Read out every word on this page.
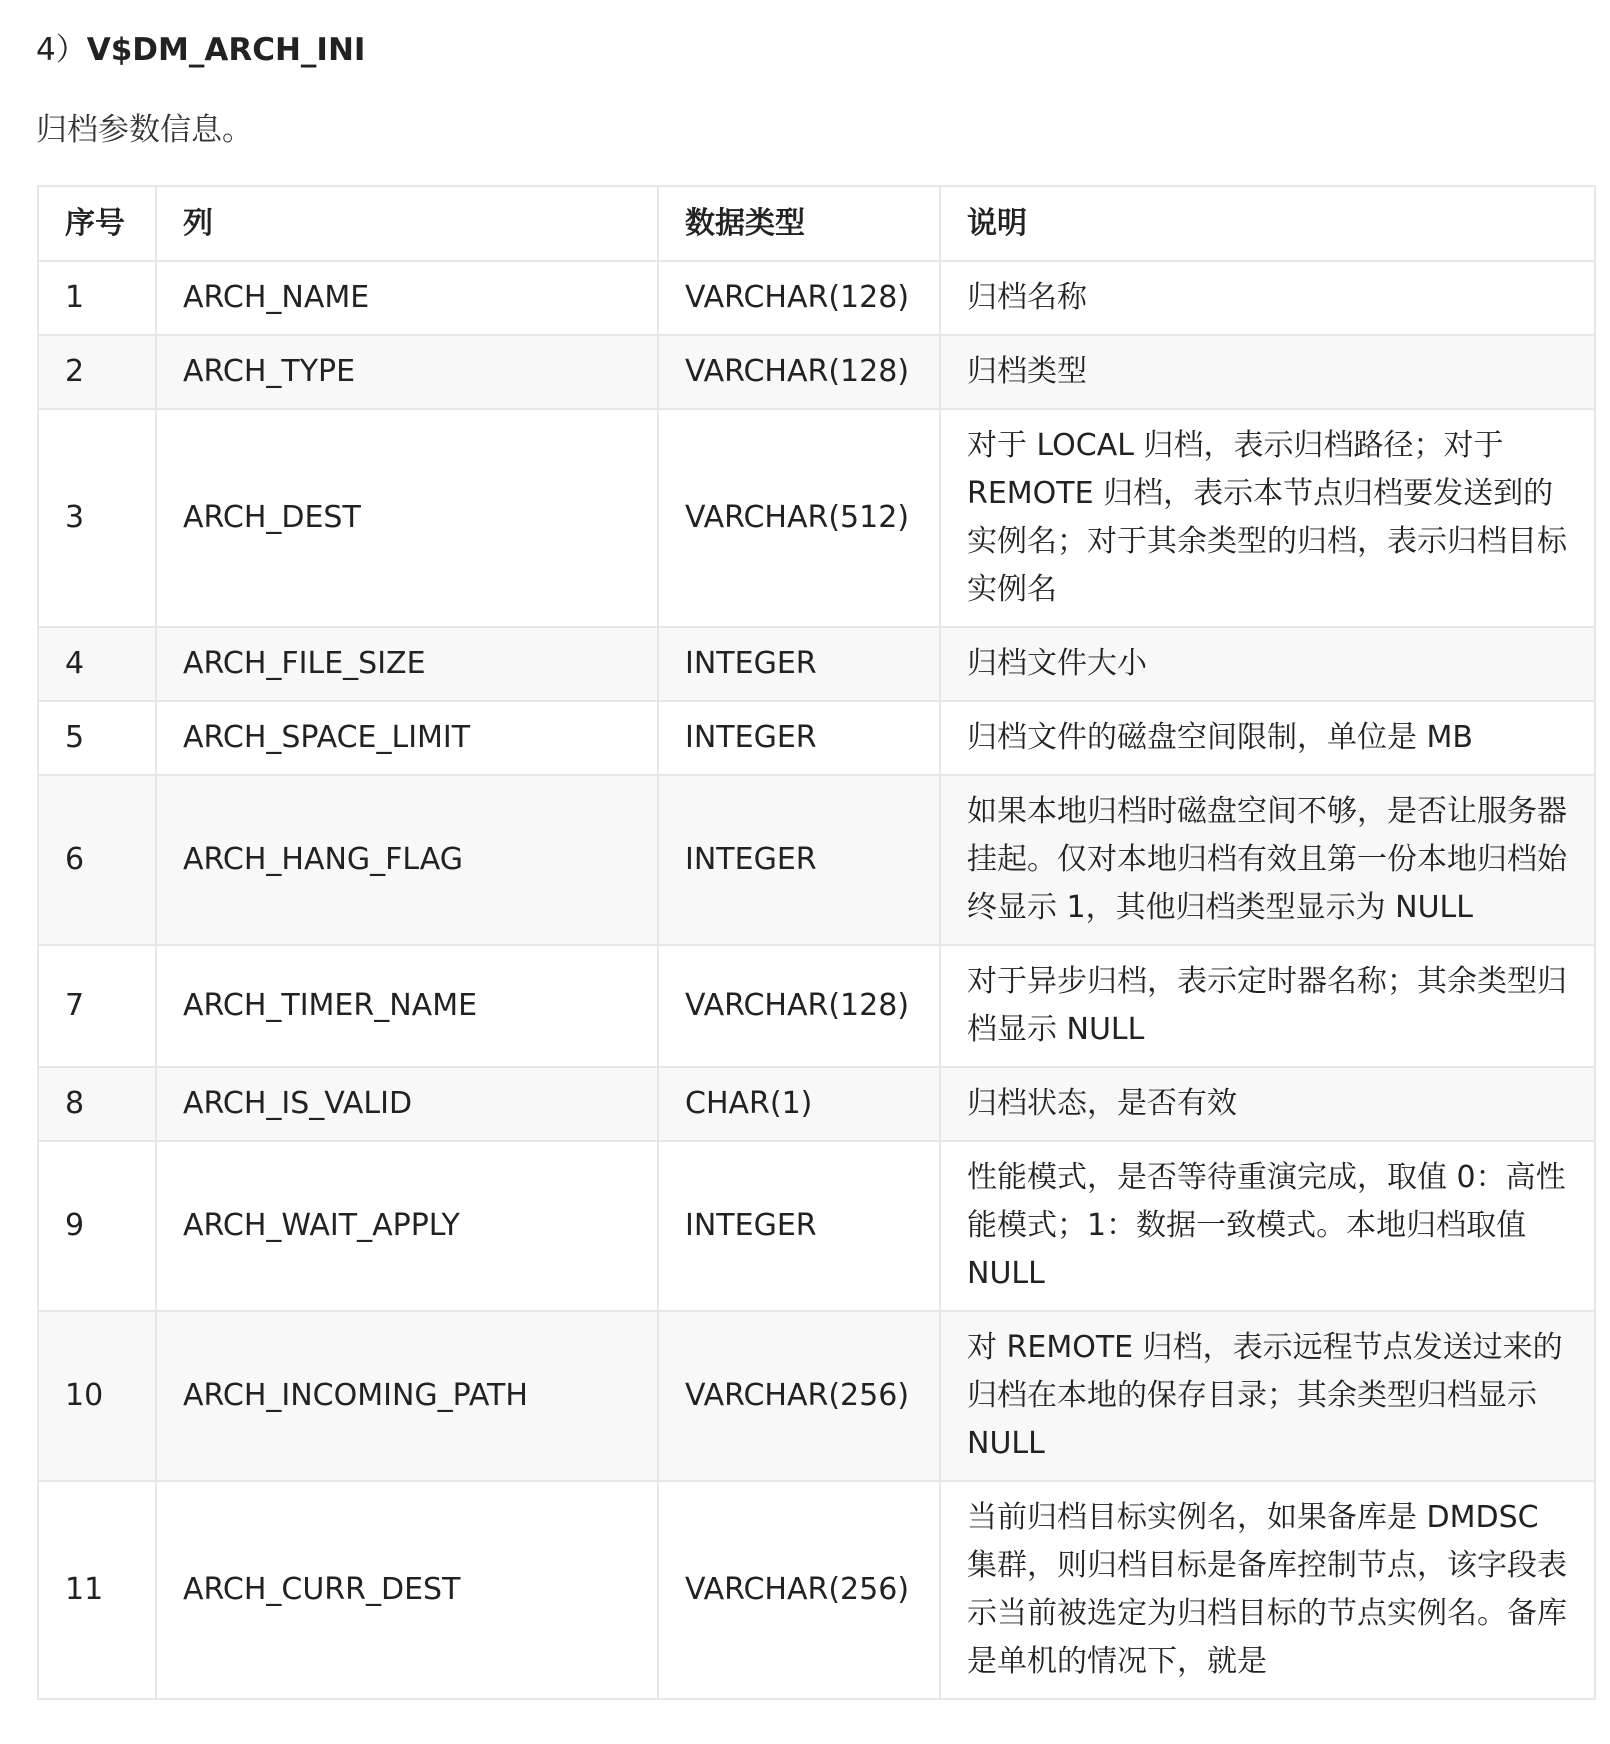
4）V$DM_ARCH_INI
归档参数信息。
序号	列	数据类型	说明
1	ARCH_NAME	VARCHAR(128)	归档名称
2	ARCH_TYPE	VARCHAR(128)	归档类型
3	ARCH_DEST	VARCHAR(512)	对于 LOCAL 归档，表示归档路径；对于 REMOTE 归档，表示本节点归档要发送到的实例名；对于其余类型的归档，表示归档目标实例名
4	ARCH_FILE_SIZE	INTEGER	归档文件大小
5	ARCH_SPACE_LIMIT	INTEGER	归档文件的磁盘空间限制，单位是 MB
6	ARCH_HANG_FLAG	INTEGER	如果本地归档时磁盘空间不够，是否让服务器挂起。仅对本地归档有效且第一份本地归档始终显示 1，其他归档类型显示为 NULL
7	ARCH_TIMER_NAME	VARCHAR(128)	对于异步归档，表示定时器名称；其余类型归档显示 NULL
8	ARCH_IS_VALID	CHAR(1)	归档状态，是否有效
9	ARCH_WAIT_APPLY	INTEGER	性能模式，是否等待重演完成，取值 0：高性能模式；1：数据一致模式。本地归档取值 NULL
10	ARCH_INCOMING_PATH	VARCHAR(256)	对 REMOTE 归档，表示远程节点发送过来的归档在本地的保存目录；其余类型归档显示 NULL
11	ARCH_CURR_DEST	VARCHAR(256)	当前归档目标实例名，如果备库是 DMDSC 集群，则归档目标是备库控制节点，该字段表示当前被选定为归档目标的节点实例名。备库是单机的情况下，就是
